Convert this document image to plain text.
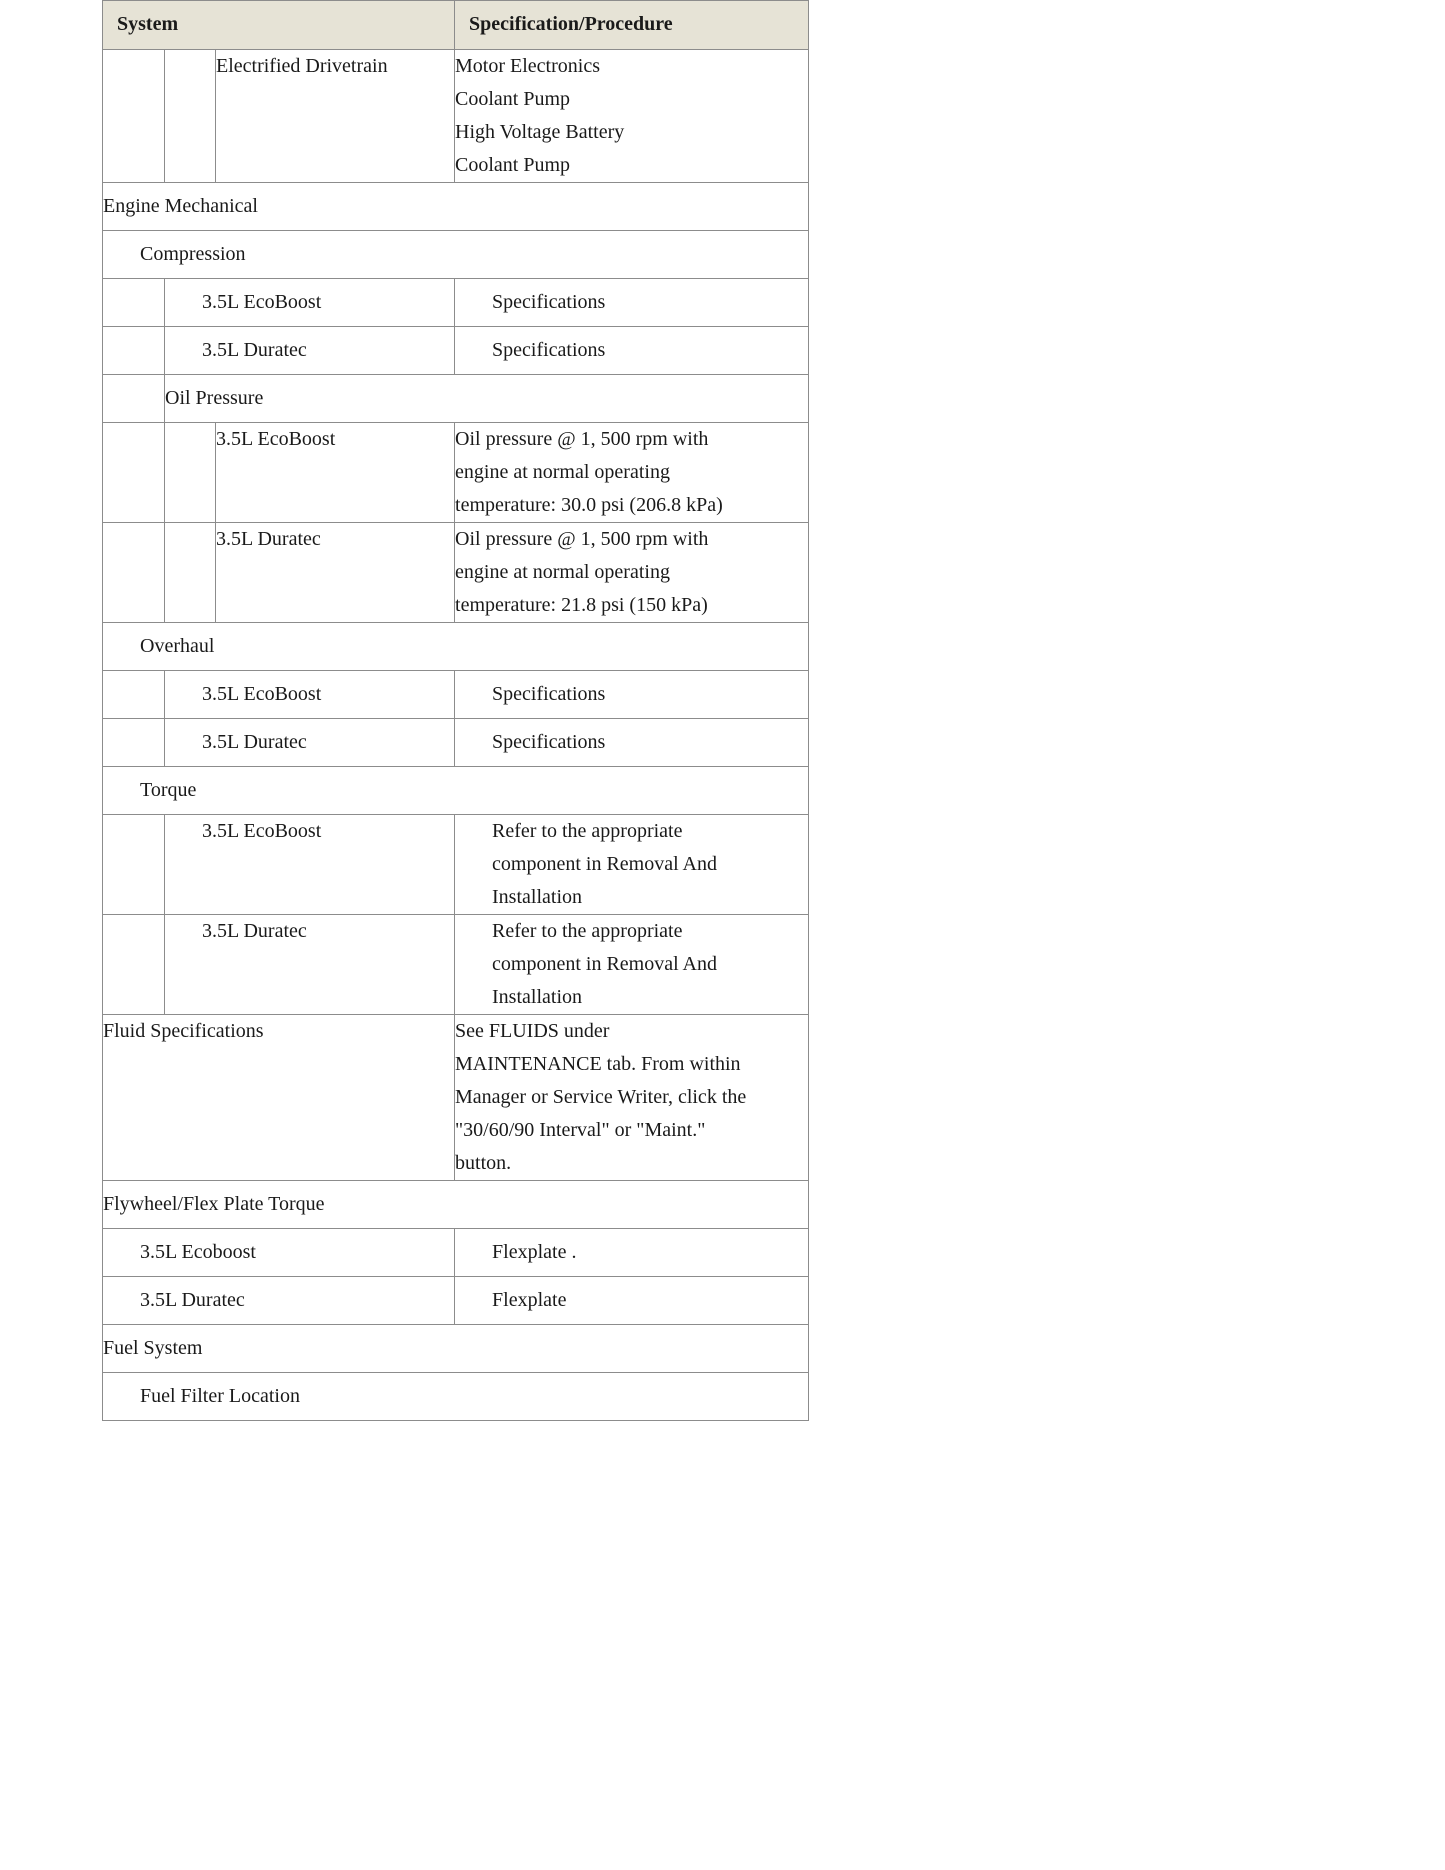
System			Specification/Procedure
		Electrified Drivetrain	Motor Electronics
Coolant Pump
High Voltage Battery
Coolant Pump

Engine Mechanical			
Compression			
	3.5L EcoBoost		Specifications
	3.5L Duratec		Specifications
	Oil Pressure		
		3.5L EcoBoost	Oil pressure @ 1, 500 rpm with
engine at normal operating
temperature: 30.0 psi (206.8 kPa)

		3.5L Duratec	Oil pressure @ 1, 500 rpm with
engine at normal operating
temperature: 21.8 psi (150 kPa)

Overhaul			
	3.5L EcoBoost		Specifications
	3.5L Duratec		Specifications
Torque			
	3.5L EcoBoost		Refer to the appropriate
component in Removal And
Installation

	3.5L Duratec		Refer to the appropriate
component in Removal And
Installation

Fluid Specifications			See FLUIDS under
MAINTENANCE tab. From within
Manager or Service Writer, click the
"30/60/90 Interval" or "Maint."
button.

Flywheel/Flex Plate Torque			
3.5L Ecoboost			Flexplate .
3.5L Duratec			Flexplate
Fuel System			
Fuel Filter Location			
